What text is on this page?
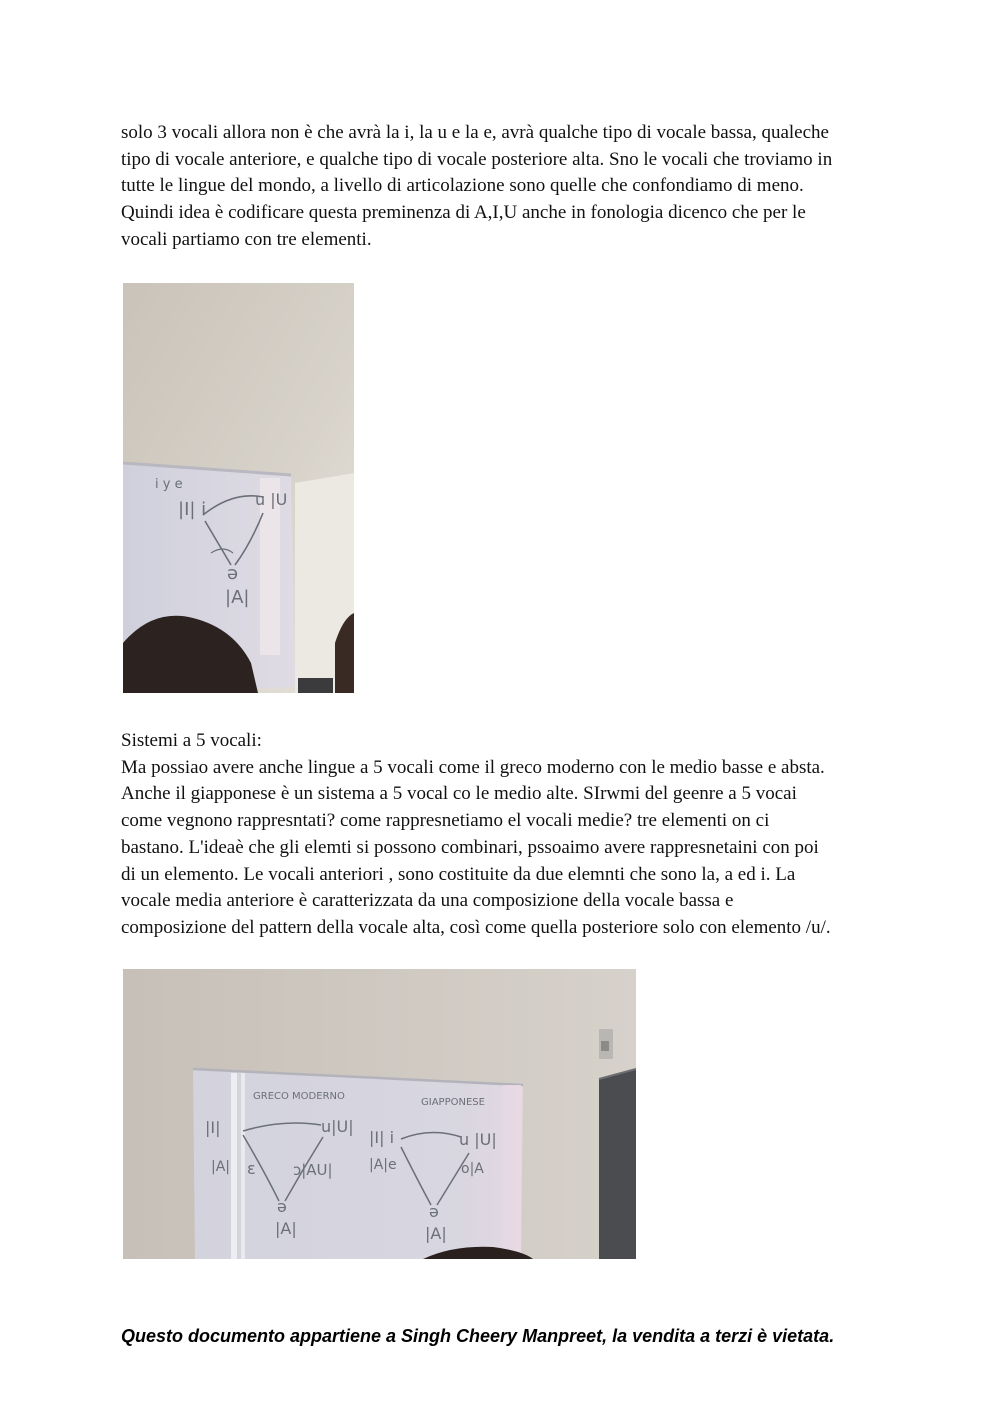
solo 3 vocali allora non è che avrà la i, la u e la e, avrà qualche tipo di vocale bassa, qualeche
tipo di vocale anteriore, e qualche tipo di vocale posteriore alta. Sno le vocali che troviamo in
tutte le lingue del mondo, a livello di articolazione sono quelle che confondiamo di meno.
Quindi idea è codificare questa preminenza di A,I,U anche in fonologia dicenco che per le
vocali partiamo con tre elementi.

i y e
|I| i	u |U
ə
|A|

Sistemi a 5 vocali:
Ma possiao avere anche lingue a 5 vocali come il greco moderno con le medio basse e absta.
Anche il giapponese è un sistema a 5 vocal co le medio alte. SIrwmi del geenre a 5 vocai
come vegnono rappresntati? come rappresnetiamo el vocali medie? tre elementi on ci
bastano. L'ideaè che gli elemti si possono combinari, pssoaimo avere rappresnetaini con poi
di un elemento. Le vocali anteriori , sono costituite da due elemnti che sono la, a ed i. La
vocale media anteriore è caratterizzata da una composizione della vocale bassa e
composizione del pattern della vocale alta, così come quella posteriore solo con elemento /u/.

GRECO MODERNO
GIAPPONESE
|I|	u|U|
|A| ɛ ɔ|AU|
ə
|A|
|I| i	u |U|
|A|e	o|A
ə
|A|
Questo documento appartiene a Singh Cheery Manpreet, la vendita a terzi è vietata.
